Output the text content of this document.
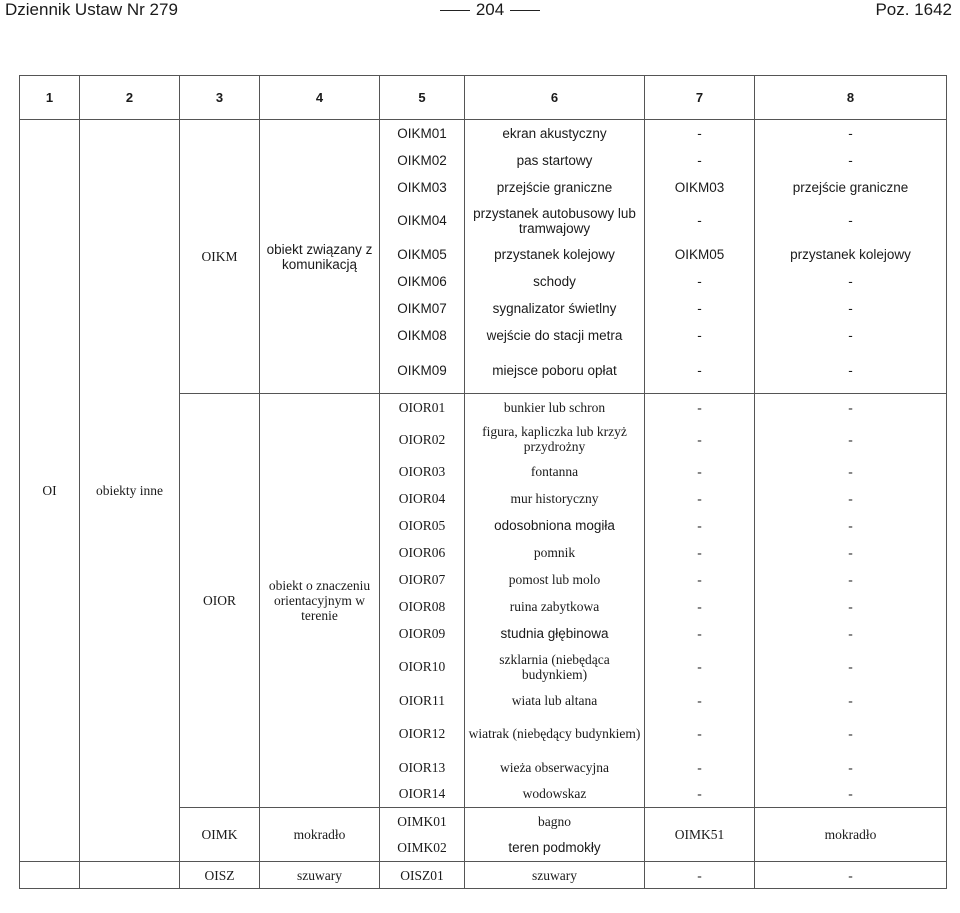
Dziennik Ustaw Nr 279	204	Poz. 1642
1	2	3	4	5	6	7	8
OI	obiekty inne	OIKM	obiekt związany z komunikacją	OIKM01	ekran akustyczny	-	-
				OIKM02	pas startowy	-	-
				OIKM03	przejście graniczne	OIKM03	przejście graniczne
				OIKM04	przystanek autobusowy lub tramwajowy	-	-
				OIKM05	przystanek kolejowy	OIKM05	przystanek kolejowy
				OIKM06	schody	-	-
				OIKM07	sygnalizator świetlny	-	-
				OIKM08	wejście do stacji metra	-	-
				OIKM09	miejsce poboru opłat	-	-
		OIOR	obiekt o znaczeniu orientacyjnym w terenie	OIOR01	bunkier lub schron	-	-
				OIOR02	figura, kapliczka lub krzyż przydrożny	-	-
				OIOR03	fontanna	-	-
				OIOR04	mur historyczny	-	-
				OIOR05	odosobniona mogiła	-	-
				OIOR06	pomnik	-	-
				OIOR07	pomost lub molo	-	-
				OIOR08	ruina zabytkowa	-	-
				OIOR09	studnia głębinowa	-	-
				OIOR10	szklarnia (niebędąca budynkiem)	-	-
				OIOR11	wiata lub altana	-	-
				OIOR12	wiatrak (niebędący budynkiem)	-	-
				OIOR13	wieża obserwacyjna	-	-
				OIOR14	wodowskaz	-	-
		OIMK	mokradło	OIMK01	bagno	OIMK51	mokradło
				OIMK02	teren podmokły		
		OISZ	szuwary	OISZ01	szuwary	-	-
